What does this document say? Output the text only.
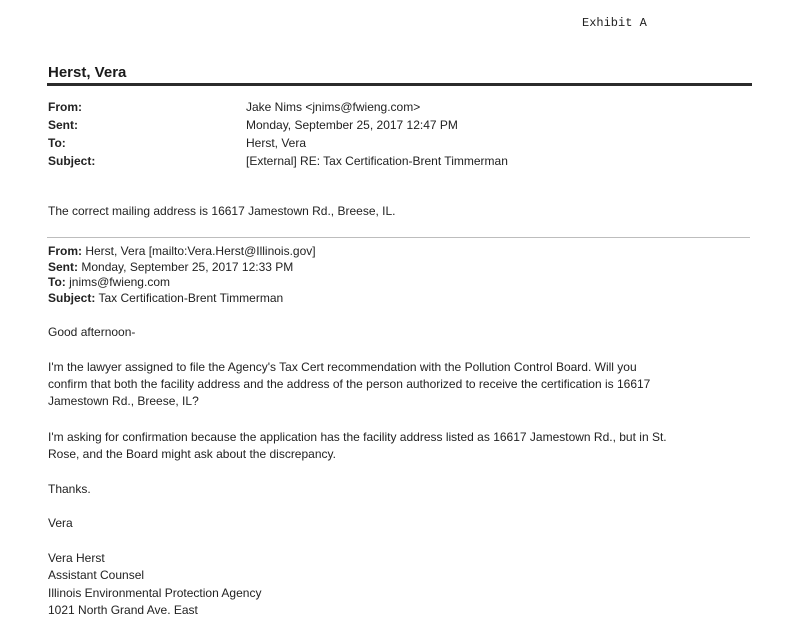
Exhibit A
Herst, Vera
From:	Jake Nims <jnims@fwieng.com>
Sent:	Monday, September 25, 2017 12:47 PM
To:	Herst, Vera
Subject:	[External] RE: Tax Certification-Brent Timmerman
The correct mailing address is 16617 Jamestown Rd., Breese, IL.
From: Herst, Vera [mailto:Vera.Herst@Illinois.gov]
Sent: Monday, September 25, 2017 12:33 PM
To: jnims@fwieng.com
Subject: Tax Certification-Brent Timmerman
Good afternoon-
I'm the lawyer assigned to file the Agency's Tax Cert recommendation with the Pollution Control Board. Will you
confirm that both the facility address and the address of the person authorized to receive the certification is 16617
Jamestown Rd., Breese, IL?
I'm asking for confirmation because the application has the facility address listed as 16617 Jamestown Rd., but in St.
Rose, and the Board might ask about the discrepancy.
Thanks.
Vera
Vera Herst
Assistant Counsel
Illinois Environmental Protection Agency
1021 North Grand Ave. East
